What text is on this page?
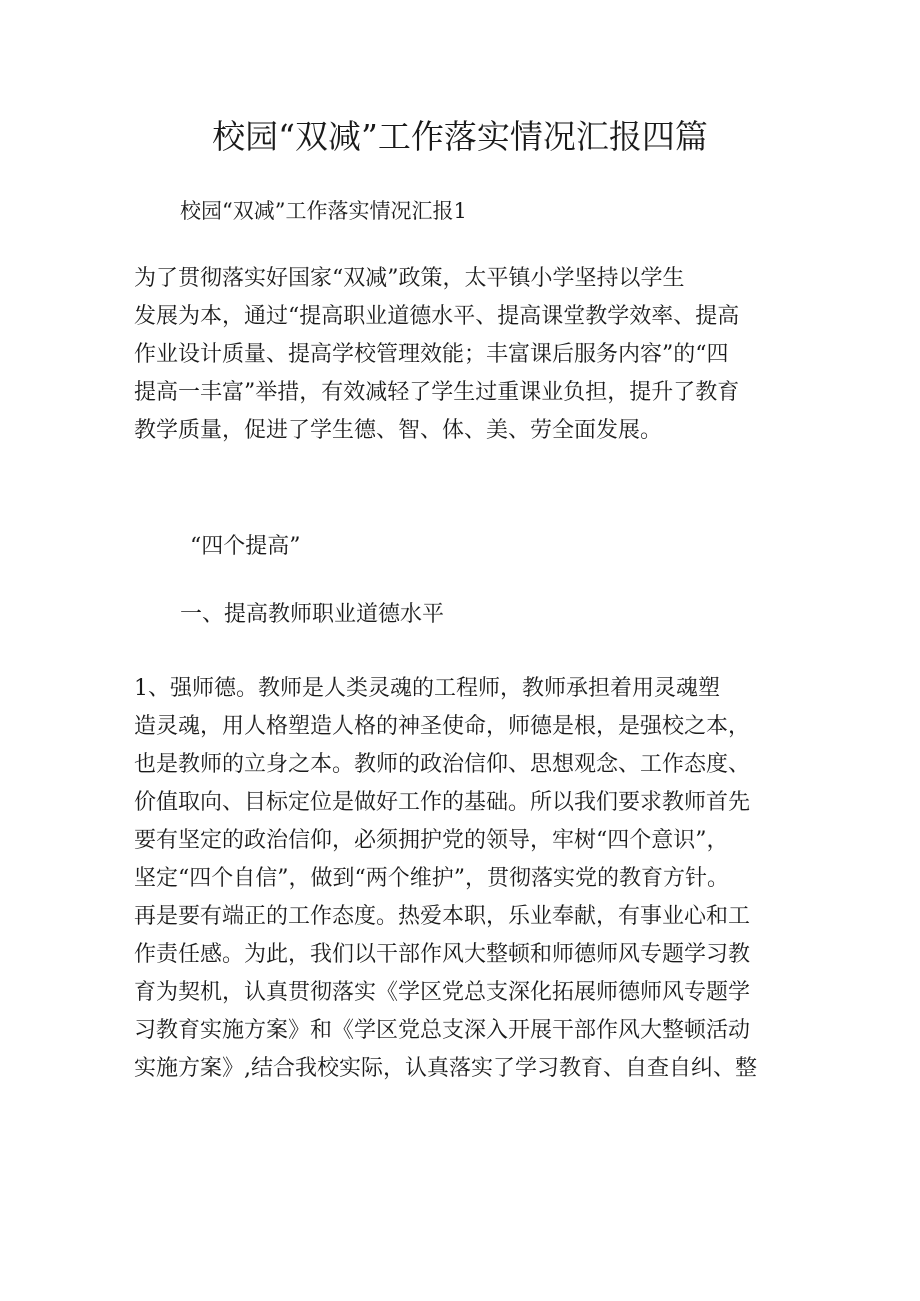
校园“双减”工作落实情况汇报四篇
校园“双减”工作落实情况汇报1

为了贯彻落实好国家“双减”政策，太平镇小学坚持以学生
发展为本，通过“提高职业道德水平、提高课堂教学效率、提高
作业设计质量、提高学校管理效能；丰富课后服务内容”的“四
提高一丰富”举措，有效减轻了学生过重课业负担，提升了教育
教学质量，促进了学生德、智、体、美、劳全面发展。

“四个提高”
一、提高教师职业道德水平

1、强师德。教师是人类灵魂的工程师，教师承担着用灵魂塑
造灵魂，用人格塑造人格的神圣使命，师德是根，是强校之本，
也是教师的立身之本。教师的政治信仰、思想观念、工作态度、
价值取向、目标定位是做好工作的基础。所以我们要求教师首先
要有坚定的政治信仰，必须拥护党的领导，牢树“四个意识”，
坚定“四个自信”，做到“两个维护”，贯彻落实党的教育方针。
再是要有端正的工作态度。热爱本职，乐业奉献，有事业心和工
作责任感。为此，我们以干部作风大整顿和师德师风专题学习教
育为契机，认真贯彻落实《学区党总支深化拓展师德师风专题学
习教育实施方案》和《学区党总支深入开展干部作风大整顿活动
实施方案》,结合我校实际，认真落实了学习教育、自查自纠、整
